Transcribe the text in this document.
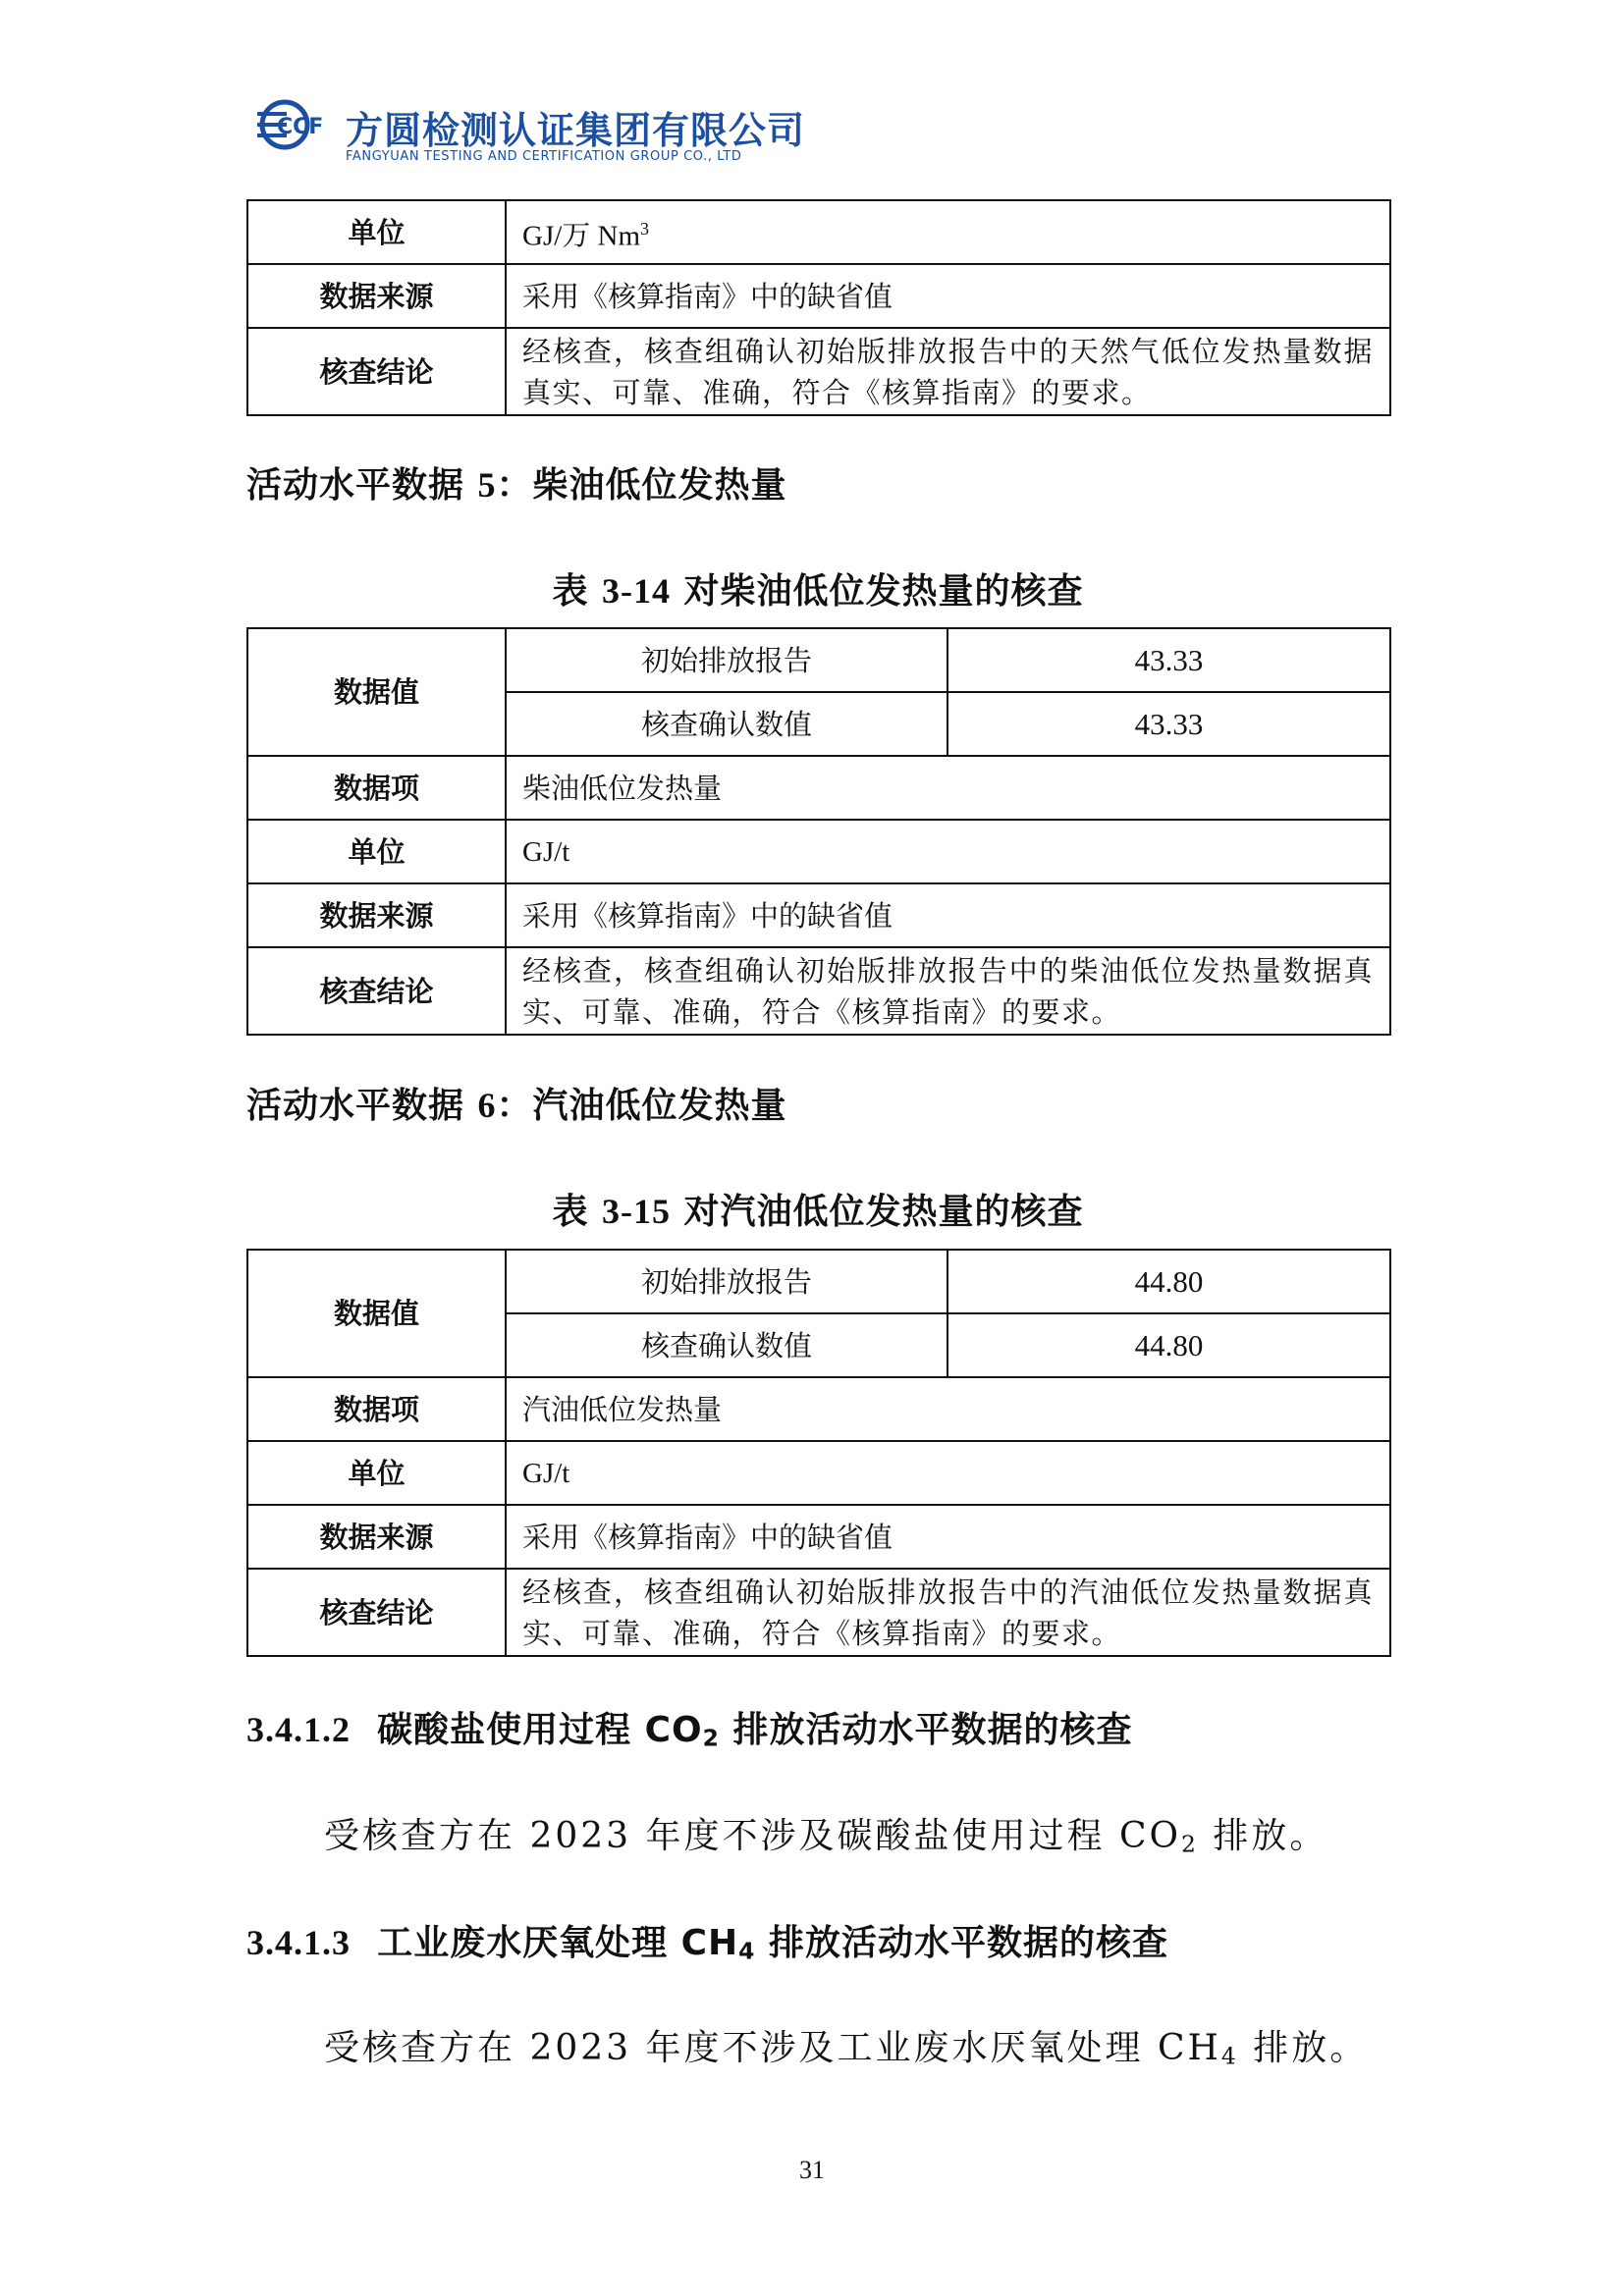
CCF 方圆检测认证集团有限公司
FANGYUAN TESTING AND CERTIFICATION GROUP CO., LTD
单位	GJ/万 Nm$^3$
数据来源	采用《核算指南》中的缺省值
核查结论	经核查，核查组确认初始版排放报告中的天然气低位发热量数据真实、可靠、准确，符合《核算指南》的要求。
活动水平数据 5：柴油低位发热量
表 3-14 对柴油低位发热量的核查
数据值	初始排放报告	43.33
	核查确认数值	43.33
数据项	柴油低位发热量	
单位	GJ/t	
数据来源	采用《核算指南》中的缺省值	
核查结论	经核查，核查组确认初始版排放报告中的柴油低位发热量数据真实、可靠、准确，符合《核算指南》的要求。	
活动水平数据 6：汽油低位发热量
表 3-15 对汽油低位发热量的核查
数据值	初始排放报告	44.80
	核查确认数值	44.80
数据项	汽油低位发热量	
单位	GJ/t	
数据来源	采用《核算指南》中的缺省值	
核查结论	经核查，核查组确认初始版排放报告中的汽油低位发热量数据真实、可靠、准确，符合《核算指南》的要求。	
3.4.1.2 碳酸盐使用过程 $CO_2$ 排放活动水平数据的核查
受核查方在 2023 年度不涉及碳酸盐使用过程 $CO_2$ 排放。
3.4.1.3 工业废水厌氧处理 $CH_4$ 排放活动水平数据的核查
受核查方在 2023 年度不涉及工业废水厌氧处理 $CH_4$ 排放。
31
